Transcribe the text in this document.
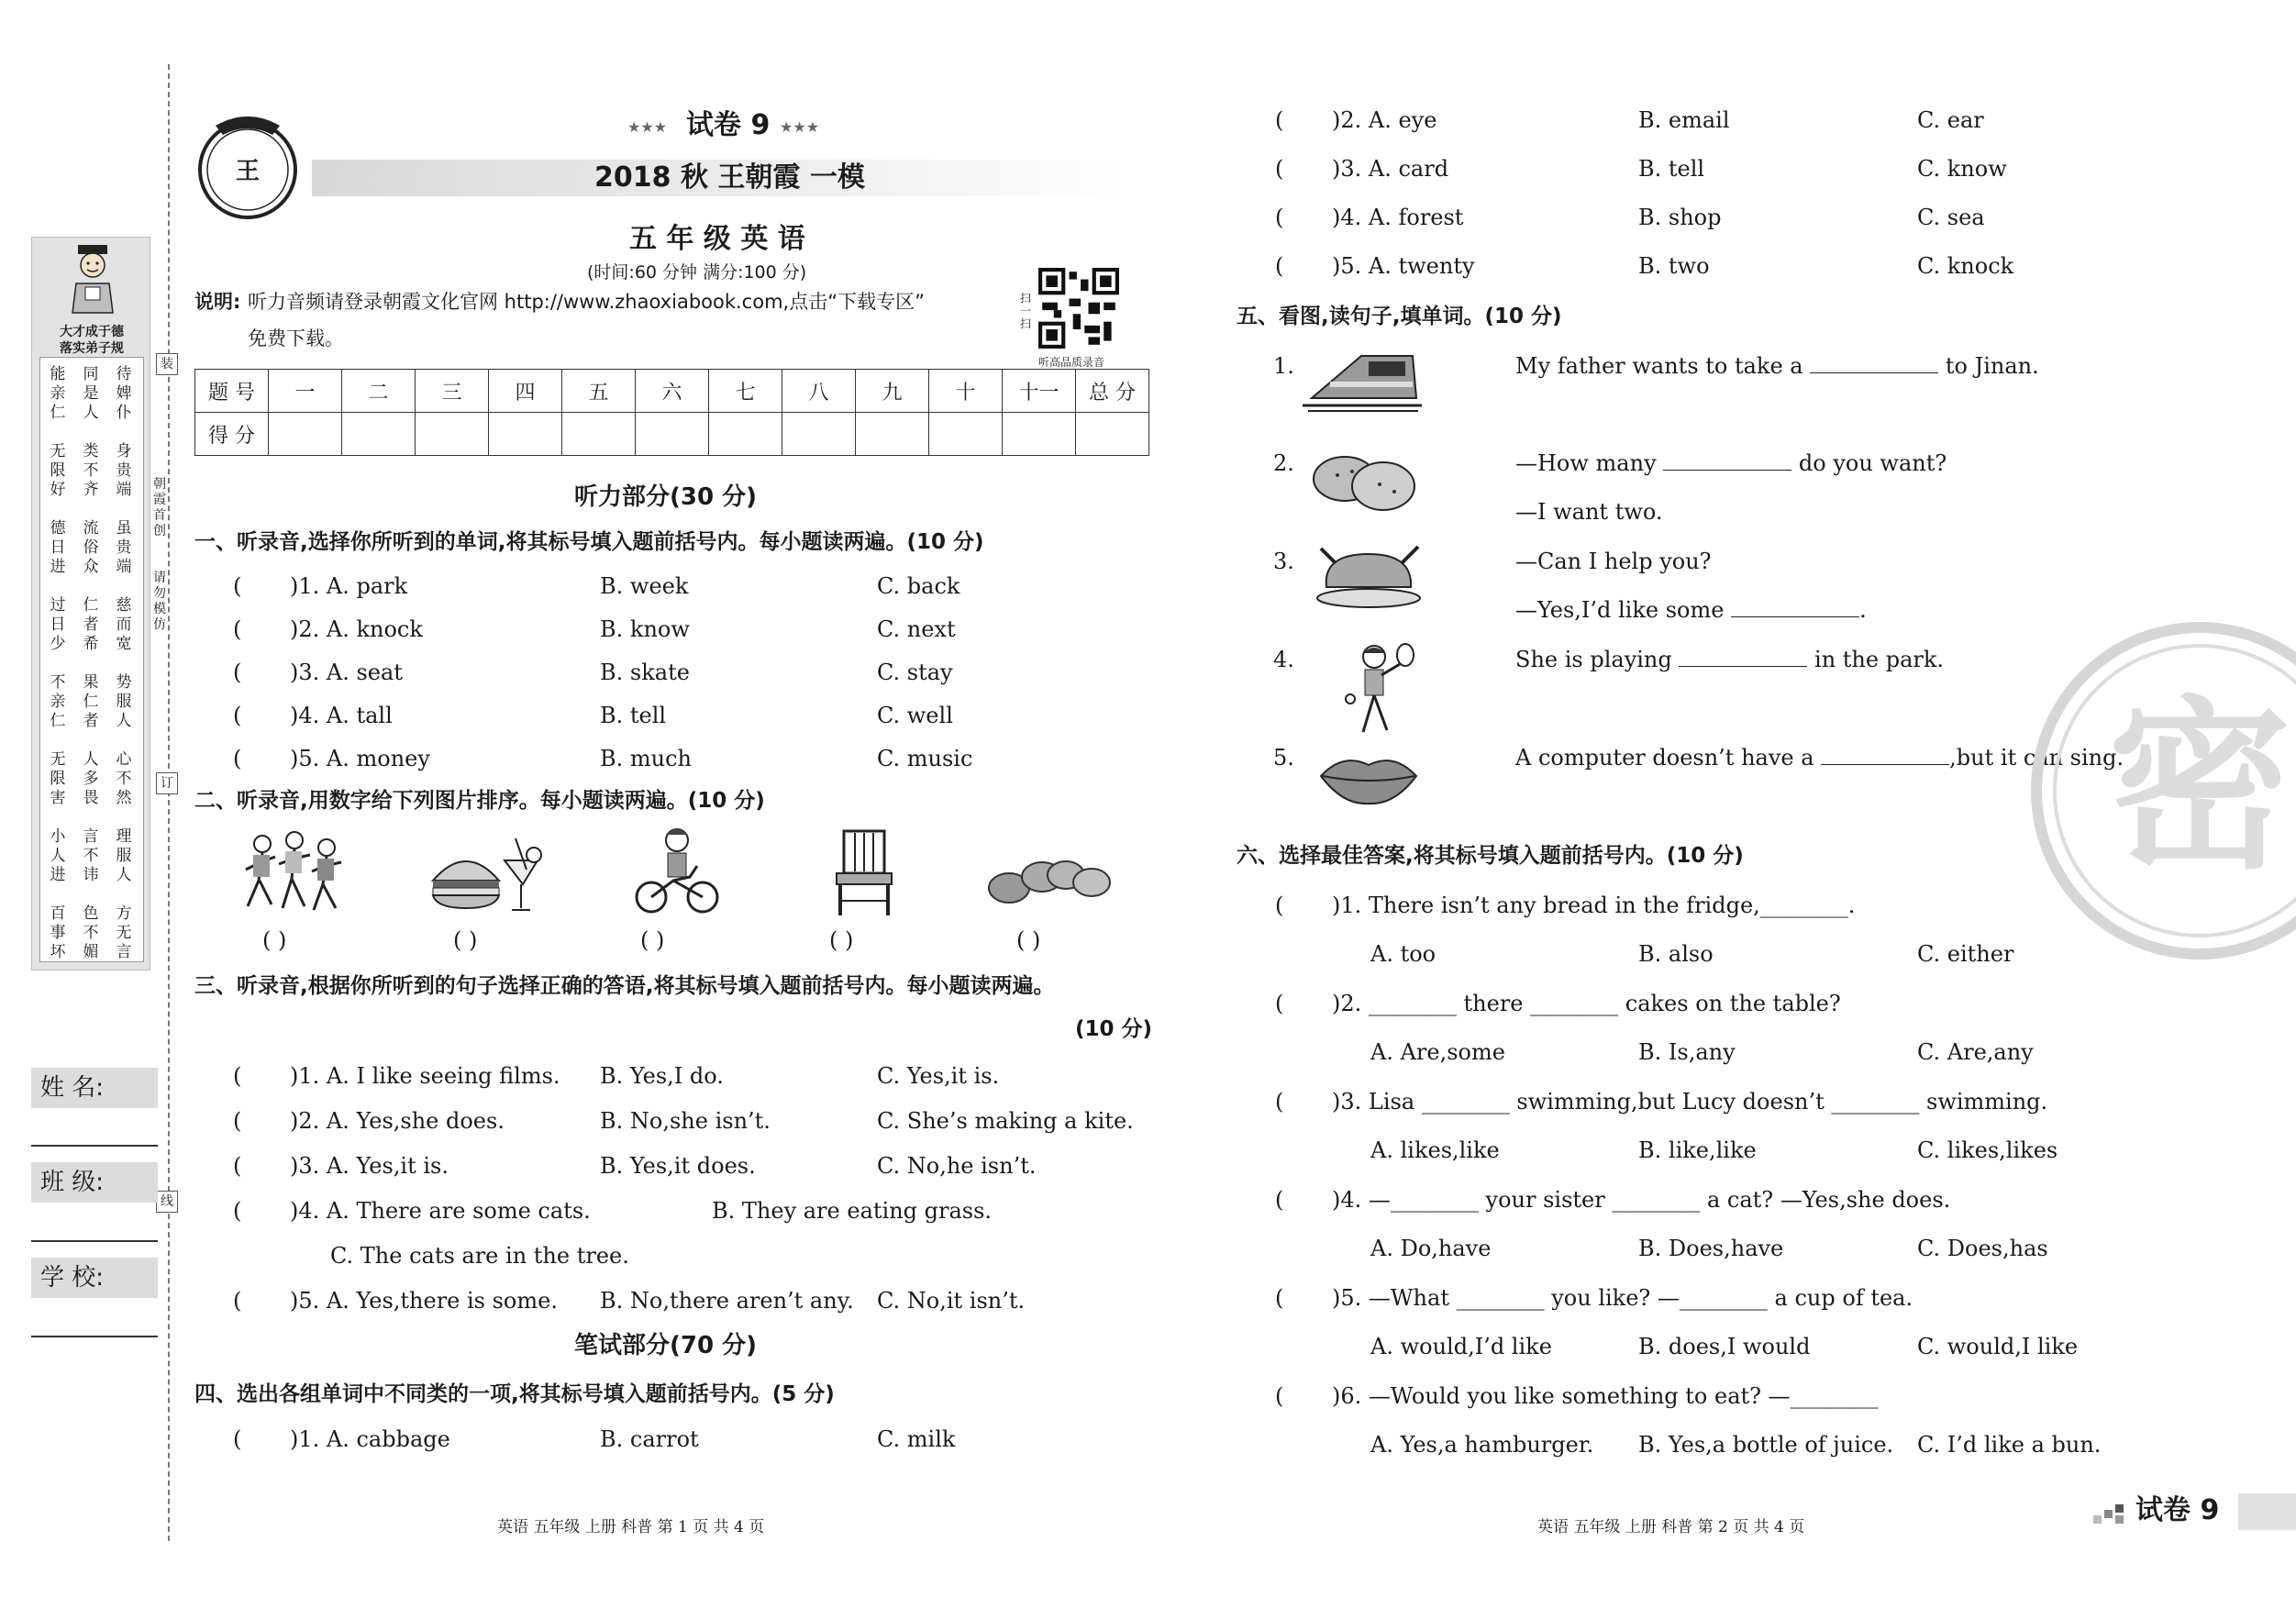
大才成于德
落实弟子规
能亲仁

无限好

德日进

过日少

不亲仁

无限害

小人进

百事坏
同是人

类不齐

流俗众

仁者希

果仁者

人多畏

言不讳

色不媚
待婢仆

身贵端

虽贵端

慈而宽

势服人

心不然

理服人

方无言
装
订
线
朝霞首创
请勿模仿
姓 名:
班 级:
学 校:
王
★★★ 试卷 9 ★★★
2018 秋 王朝霞 一模
五 年 级 英 语
(时间:60 分钟 满分:100 分)
说明: 听力音频请登录朝霞文化官网 http://www.zhaoxiabook.com,点击“下载专区”
免费下载。
扫一扫
听高品质录音
题 号	一	二	三	四	五	六	七	八	九	十	十一	总 分
得 分												
听力部分(30 分)
一、听录音,选择你所听到的单词,将其标号填入题前括号内。每小题读两遍。(10 分)
( )1. A. park	B. week	C. back
( )2. A. knock	B. know	C. next
( )3. A. seat	B. skate	C. stay
( )4. A. tall	B. tell	C. well
( )5. A. money	B. much	C. music
二、听录音,用数字给下列图片排序。每小题读两遍。(10 分)
( )	( )	( )	( )	( )
三、听录音,根据你所听到的句子选择正确的答语,将其标号填入题前括号内。每小题读两遍。
(10 分)
( )1. A. I like seeing films. B. Yes,I do.	C. Yes,it is.
( )2. A. Yes,she does.	B. No,she isn’t.	C. She’s making a kite.
( )3. A. Yes,it is.	B. Yes,it does.	C. No,he isn’t.
( )4. A. There are some cats.	B. They are eating grass.
C. The cats are in the tree.
( )5. A. Yes,there is some. B. No,there aren’t any. C. No,it isn’t.
笔试部分(70 分)
四、选出各组单词中不同类的一项,将其标号填入题前括号内。(5 分)
( )1. A. cabbage	B. carrot	C. milk
( )2. A. eye	B. email	C. ear
( )3. A. card	B. tell	C. know
( )4. A. forest	B. shop	C. sea
( )5. A. twenty	B. two	C. knock
五、看图,读句子,填单词。(10 分)
1.	My father wants to take a	to Jinan.
2.	—How many	do you want?
—I want two.
3.	—Can I help you?
—Yes,I’d like some	.
4.	She is playing	in the park.
5.	A computer doesn’t have a	,but it can sing.
六、选择最佳答案,将其标号填入题前括号内。(10 分)
( )1. There isn’t any bread in the fridge,________.
A. too	B. also	C. either
( )2. ________ there ________ cakes on the table?
A. Are,some	B. Is,any	C. Are,any
( )3. Lisa ________ swimming,but Lucy doesn’t ________ swimming.
A. likes,like	B. like,like	C. likes,likes
( )4. —________ your sister ________ a cat? —Yes,she does.
A. Do,have	B. Does,have	C. Does,has
( )5. —What ________ you like? —________ a cup of tea.
A. would,I’d like	B. does,I would	C. would,I like
( )6. —Would you like something to eat? —________
A. Yes,a hamburger. B. Yes,a bottle of juice. C. I’d like a bun.
英语 五年级 上册 科普 第 1 页 共 4 页	英语 五年级 上册 科普 第 2 页 共 4 页
试卷 9
密
